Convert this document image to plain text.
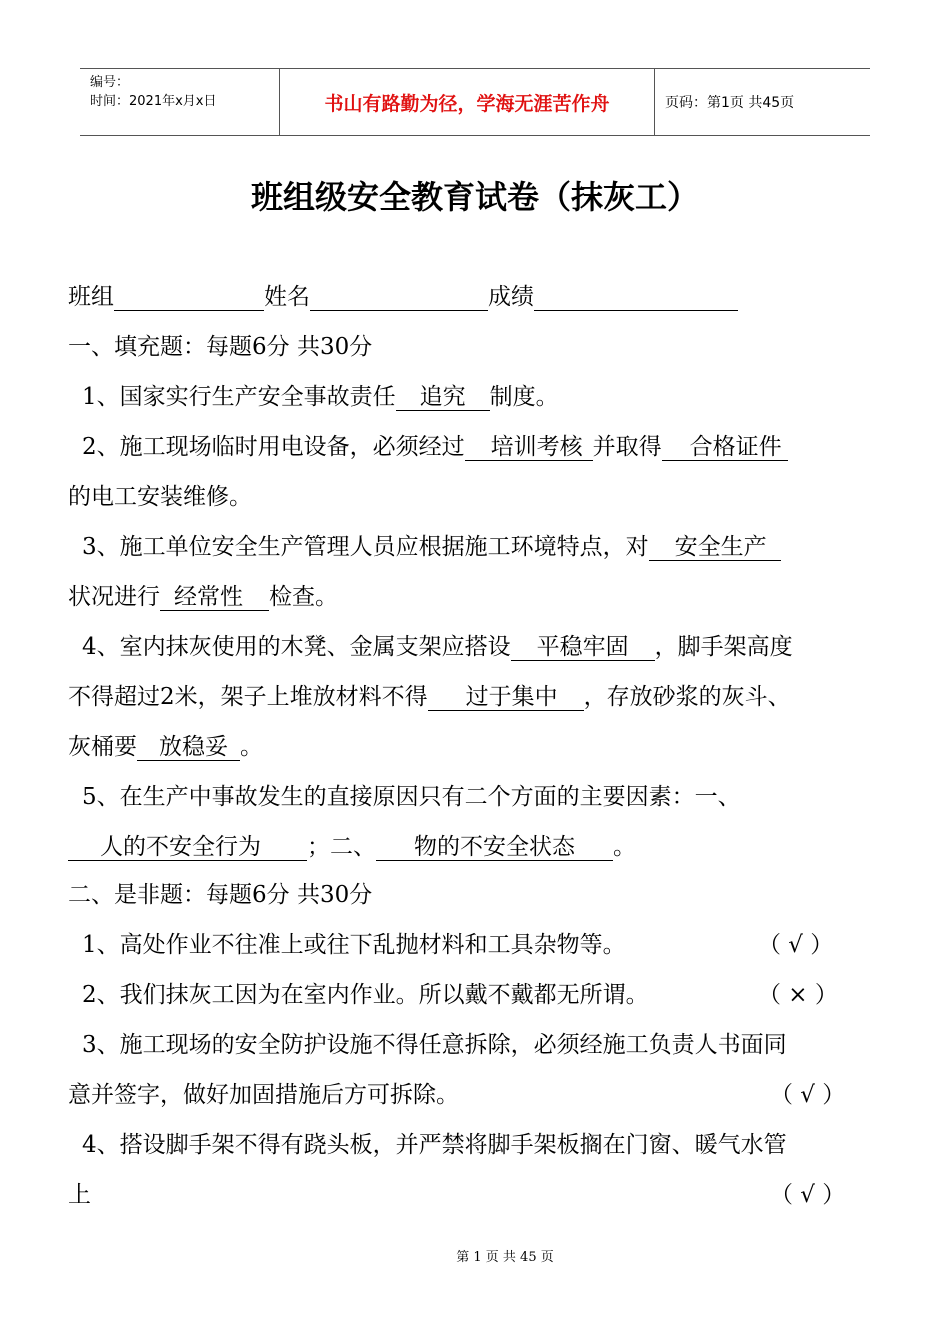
编号：
时间：2021年x月x日	书山有路勤为径，学海无涯苦作舟	页码：第1页 共45页
班组级安全教育试卷（抹灰工）
班组	姓名	成绩
一、填充题：每题6分 共30分
1、国家实行生产安全事故责任 追究 制度。
2、施工现场临时用电设备，必须经过 培训考核 并取得 合格证件
的电工安装维修。
3、施工单位安全生产管理人员应根据施工环境特点，对 安全生产
状况进行 经常性 检查。
4、室内抹灰使用的木凳、金属支架应搭设 平稳牢固 ，脚手架高度
不得超过2米，架子上堆放材料不得 过于集中 ，存放砂浆的灰斗、
灰桶要 放稳妥 。
5、在生产中事故发生的直接原因只有二个方面的主要因素：一、
人的不安全行为 ；二、 物的不安全状态 。
二、是非题：每题6分 共30分
1、高处作业不往准上或往下乱抛材料和工具杂物等。	（ √ ）
2、我们抹灰工因为在室内作业。所以戴不戴都无所谓。	（ × ）
3、施工现场的安全防护设施不得任意拆除，必须经施工负责人书面同
意并签字，做好加固措施后方可拆除。	（ √ ）
4、搭设脚手架不得有跷头板，并严禁将脚手架板搁在门窗、暖气水管
上	（ √ ）
第 1 页 共 45 页
